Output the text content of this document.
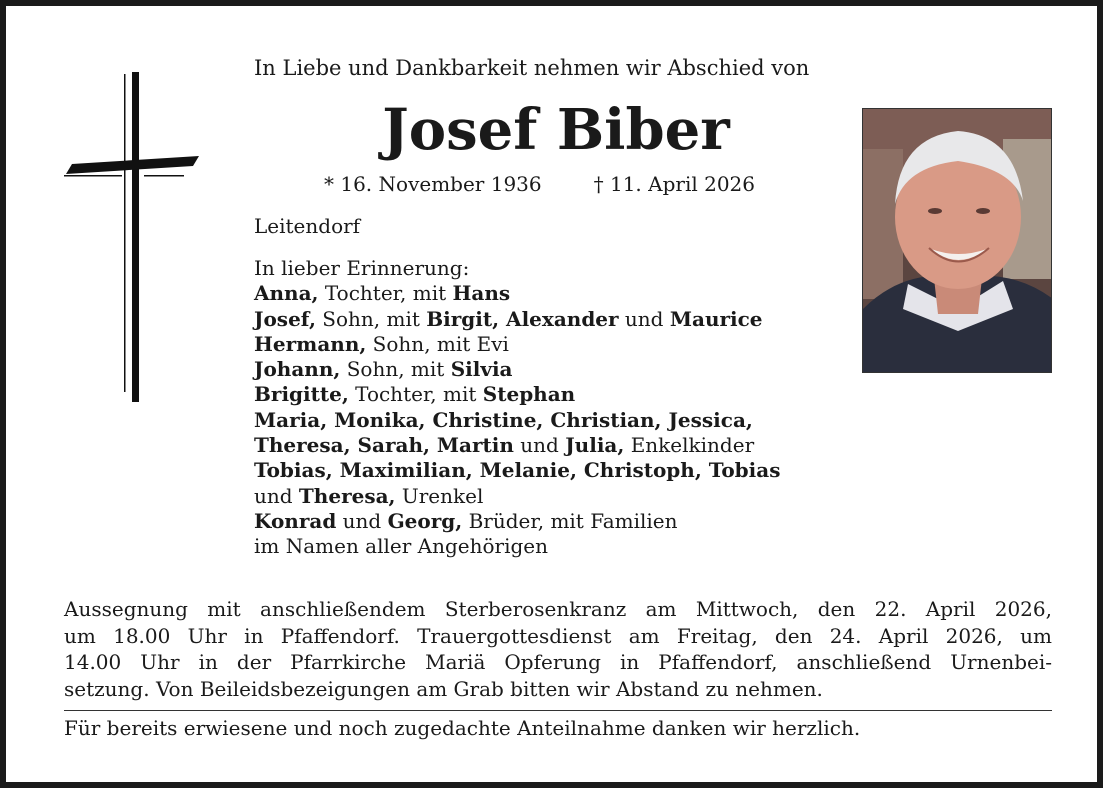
In Liebe und Dankbarkeit nehmen wir Abschied von
Josef Biber
* 16. November 1936	† 11. April 2026
Leitendorf
In lieber Erinnerung:
Anna, Tochter, mit Hans
Josef, Sohn, mit Birgit, Alexander und Maurice
Hermann, Sohn, mit Evi
Johann, Sohn, mit Silvia
Brigitte, Tochter, mit Stephan
Maria, Monika, Christine, Christian, Jessica,
Theresa, Sarah, Martin und Julia, Enkelkinder
Tobias, Maximilian, Melanie, Christoph, Tobias
und Theresa, Urenkel
Konrad und Georg, Brüder, mit Familien
im Namen aller Angehörigen
Aussegnung mit anschließendem Sterberosenkranz am Mittwoch, den 22. April 2026,
um 18.00 Uhr in Pfaffendorf. Trauergottesdienst am Freitag, den 24. April 2026, um
14.00 Uhr in der Pfarrkirche Mariä Opferung in Pfaffendorf, anschließend Urnenbei-
setzung. Von Beileidsbezeigungen am Grab bitten wir Abstand zu nehmen.
Für bereits erwiesene und noch zugedachte Anteilnahme danken wir herzlich.
